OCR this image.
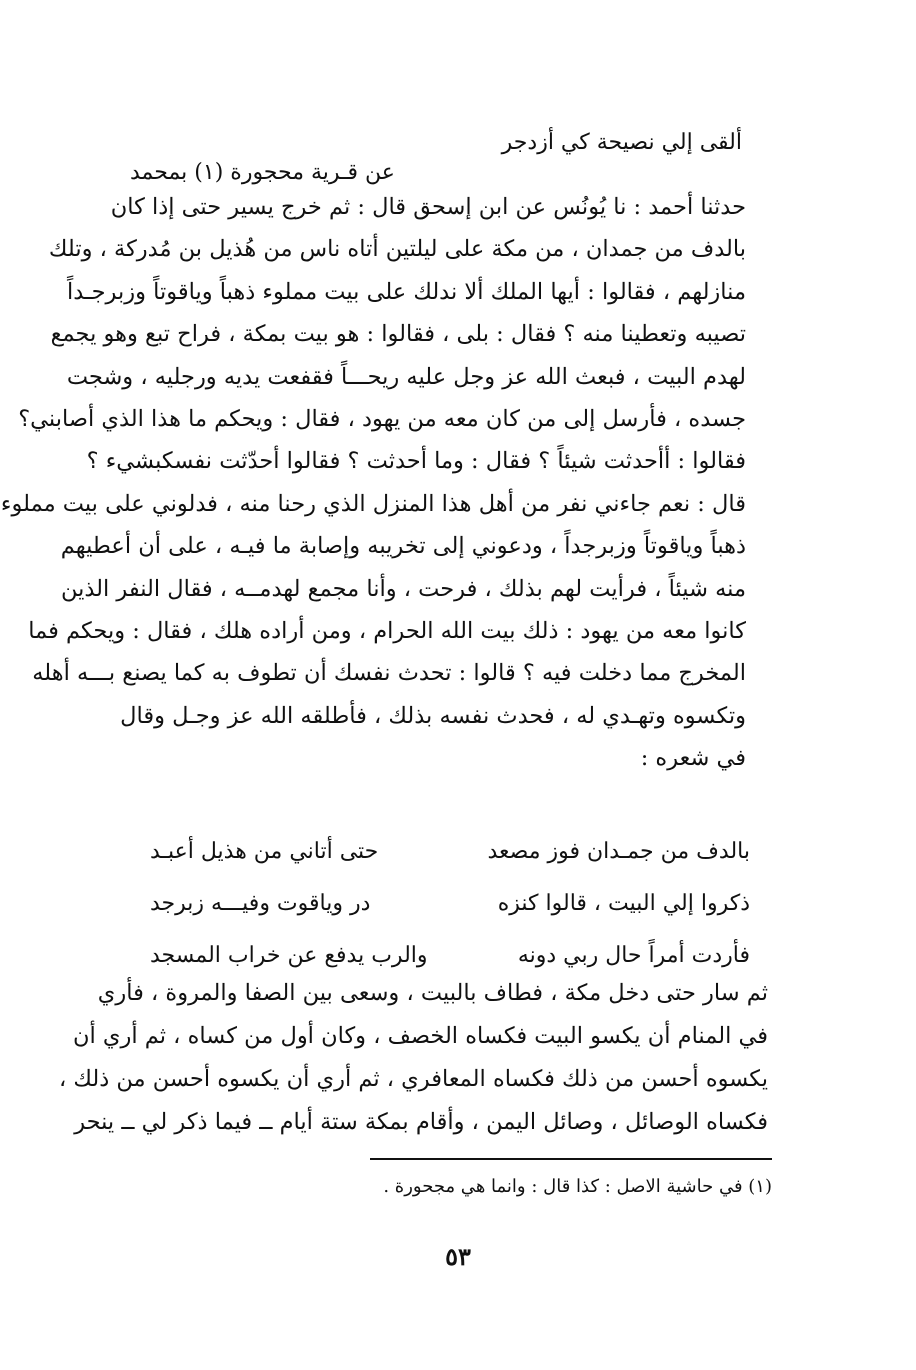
ألقى إلي نصيحة كي أزدجر
عن قـرية محجورة (١) بمحمد
حدثنا أحمد : نا يُونُس عن ابن إسحق قال : ثم خرج يسير حتى إذا كان
بالدف من جمدان ، من مكة على ليلتين أتاه ناس من هُذيل بن مُدركة ، وتلك
منازلهم ، فقالوا : أيها الملك ألا ندلك على بيت مملوء ذهباً وياقوتاً وزبرجـداً
تصيبه وتعطينا منه ؟ فقال : بلى ، فقالوا : هو بيت بمكة ، فراح تبع وهو يجمع
لهدم البيت ، فبعث الله عز وجل عليه ريحـــاً فقفعت يديه ورجليه ، وشجت
جسده ، فأرسل إلى من كان معه من يهود ، فقال : ويحكم ما هذا الذي أصابني؟
فقالوا : أأحدثت شيئاً ؟ فقال : وما أحدثت ؟ فقالوا أحدّثت نفسكبشيء ؟
قال : نعم جاءني نفر من أهل هذا المنزل الذي رحنا منه ، فدلوني على بيت مملوء
ذهباً وياقوتاً وزبرجداً ، ودعوني إلى تخريبه وإصابة ما فيـه ، على أن أعطيهم
منه شيئاً ، فرأيت لهم بذلك ، فرحت ، وأنا مجمع لهدمــه ، فقال النفر الذين
كانوا معه من يهود : ذلك بيت الله الحرام ، ومن أراده هلك ، فقال : ويحكم فما
المخرج مما دخلت فيه ؟ قالوا : تحدث نفسك أن تطوف به كما يصنع بـــه أهله
وتكسوه وتهـدي له ، فحدث نفسه بذلك ، فأطلقه الله عز وجـل وقال
في شعره :
بالدف من جمـدان فوز مصعد
حتى أتاني من هذيل أعبـد
ذكروا إلي البيت ، قالوا كنزه
در وياقوت وفيـــه زبرجد
فأردت أمراً حال ربي دونه
والرب يدفع عن خراب المسجد
ثم سار حتى دخل مكة ، فطاف بالبيت ، وسعى بين الصفا والمروة ، فأري
في المنام أن يكسو البيت فكساه الخصف ، وكان أول من كساه ، ثم أري أن
يكسوه أحسن من ذلك فكساه المعافري ، ثم أري أن يكسوه أحسن من ذلك ،
فكساه الوصائل ، وصائل اليمن ، وأقام بمكة ستة أيام ــ فيما ذكر لي ــ ينحر
(١) في حاشية الاصل : كذا قال : وانما هي مجحورة .
٥٣
